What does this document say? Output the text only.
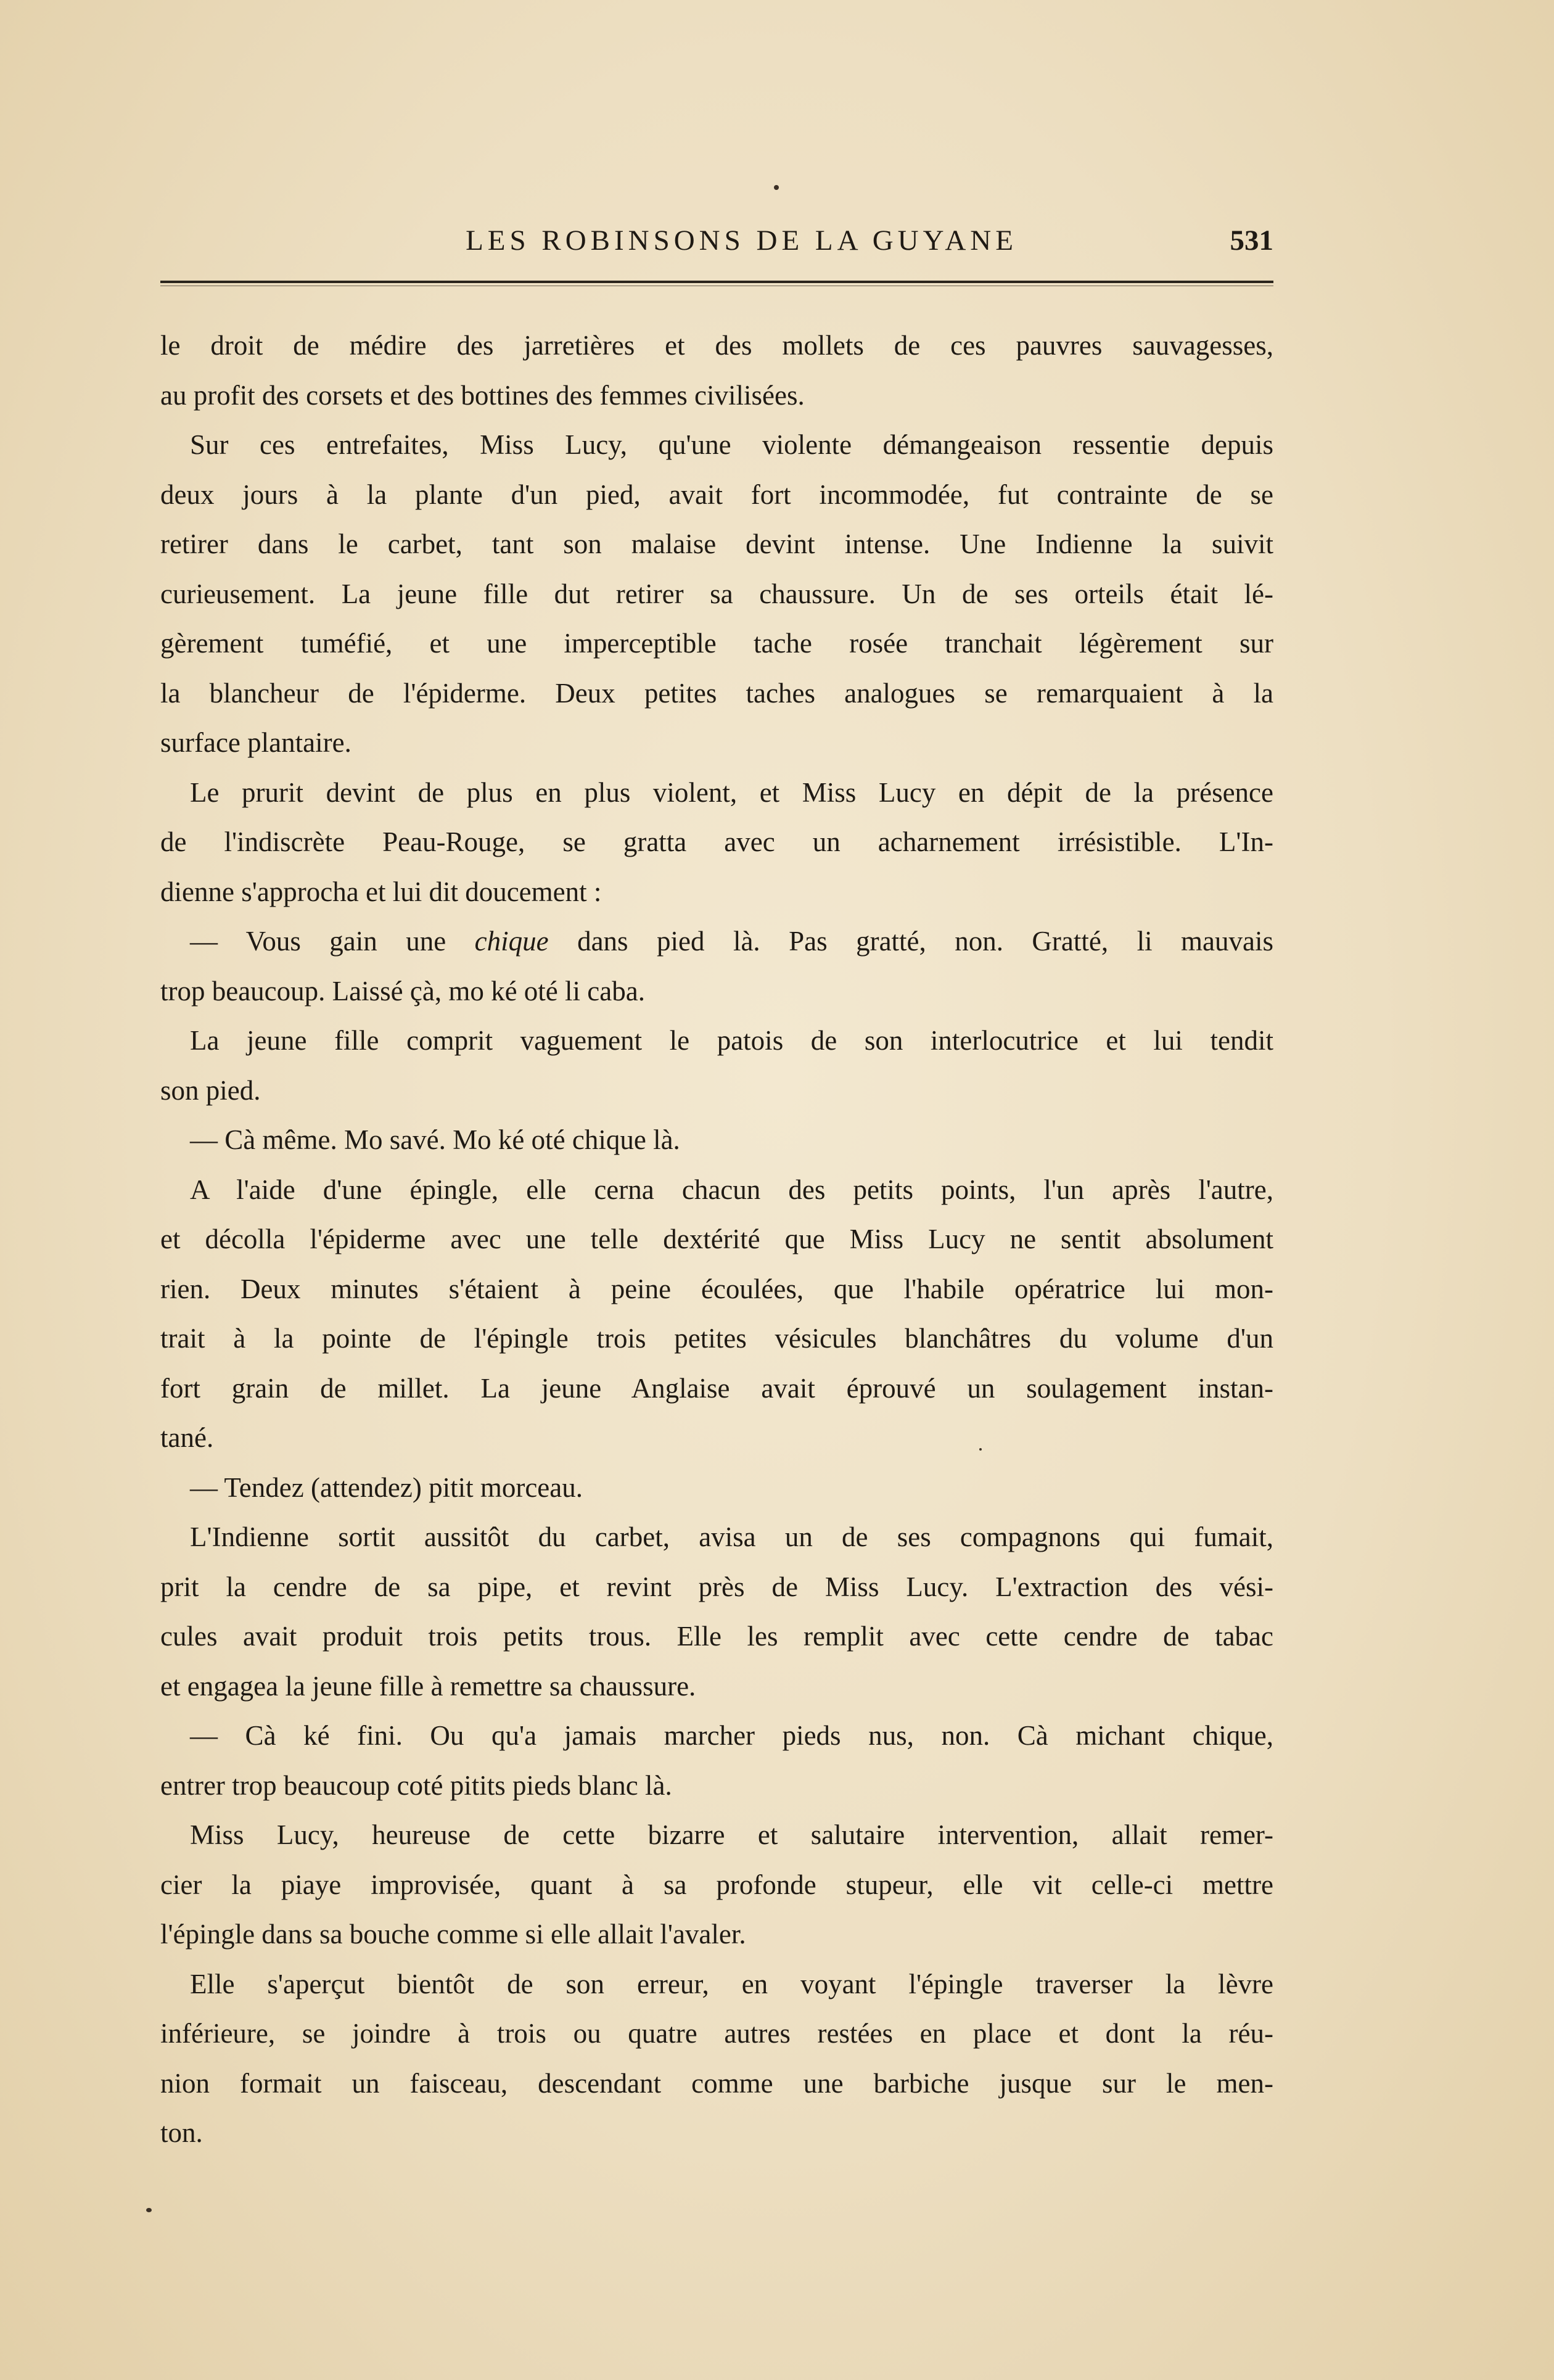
LES ROBINSONS DE LA GUYANE	531
le droit de médire des jarretières et des mollets de ces pauvres sauvagesses,
au profit des corsets et des bottines des femmes civilisées.
Sur ces entrefaites, Miss Lucy, qu'une violente démangeaison ressentie depuis
deux jours à la plante d'un pied, avait fort incommodée, fut contrainte de se
retirer dans le carbet, tant son malaise devint intense. Une Indienne la suivit
curieusement. La jeune fille dut retirer sa chaussure. Un de ses orteils était lé-
gèrement tuméfié, et une imperceptible tache rosée tranchait légèrement sur
la blancheur de l'épiderme. Deux petites taches analogues se remarquaient à la
surface plantaire.
Le prurit devint de plus en plus violent, et Miss Lucy en dépit de la présence
de l'indiscrète Peau-Rouge, se gratta avec un acharnement irrésistible. L'In-
dienne s'approcha et lui dit doucement :
— Vous gain une chique dans pied là. Pas gratté, non. Gratté, li mauvais
trop beaucoup. Laissé çà, mo ké oté li caba.
La jeune fille comprit vaguement le patois de son interlocutrice et lui tendit
son pied.
— Cà même. Mo savé. Mo ké oté chique là.
A l'aide d'une épingle, elle cerna chacun des petits points, l'un après l'autre,
et décolla l'épiderme avec une telle dextérité que Miss Lucy ne sentit absolument
rien. Deux minutes s'étaient à peine écoulées, que l'habile opératrice lui mon-
trait à la pointe de l'épingle trois petites vésicules blanchâtres du volume d'un
fort grain de millet. La jeune Anglaise avait éprouvé un soulagement instan-
tané.
— Tendez (attendez) pitit morceau.
L'Indienne sortit aussitôt du carbet, avisa un de ses compagnons qui fumait,
prit la cendre de sa pipe, et revint près de Miss Lucy. L'extraction des vési-
cules avait produit trois petits trous. Elle les remplit avec cette cendre de tabac
et engagea la jeune fille à remettre sa chaussure.
— Cà ké fini. Ou qu'a jamais marcher pieds nus, non. Cà michant chique,
entrer trop beaucoup coté pitits pieds blanc là.
Miss Lucy, heureuse de cette bizarre et salutaire intervention, allait remer-
cier la piaye improvisée, quant à sa profonde stupeur, elle vit celle-ci mettre
l'épingle dans sa bouche comme si elle allait l'avaler.
Elle s'aperçut bientôt de son erreur, en voyant l'épingle traverser la lèvre
inférieure, se joindre à trois ou quatre autres restées en place et dont la réu-
nion formait un faisceau, descendant comme une barbiche jusque sur le men-
ton.
